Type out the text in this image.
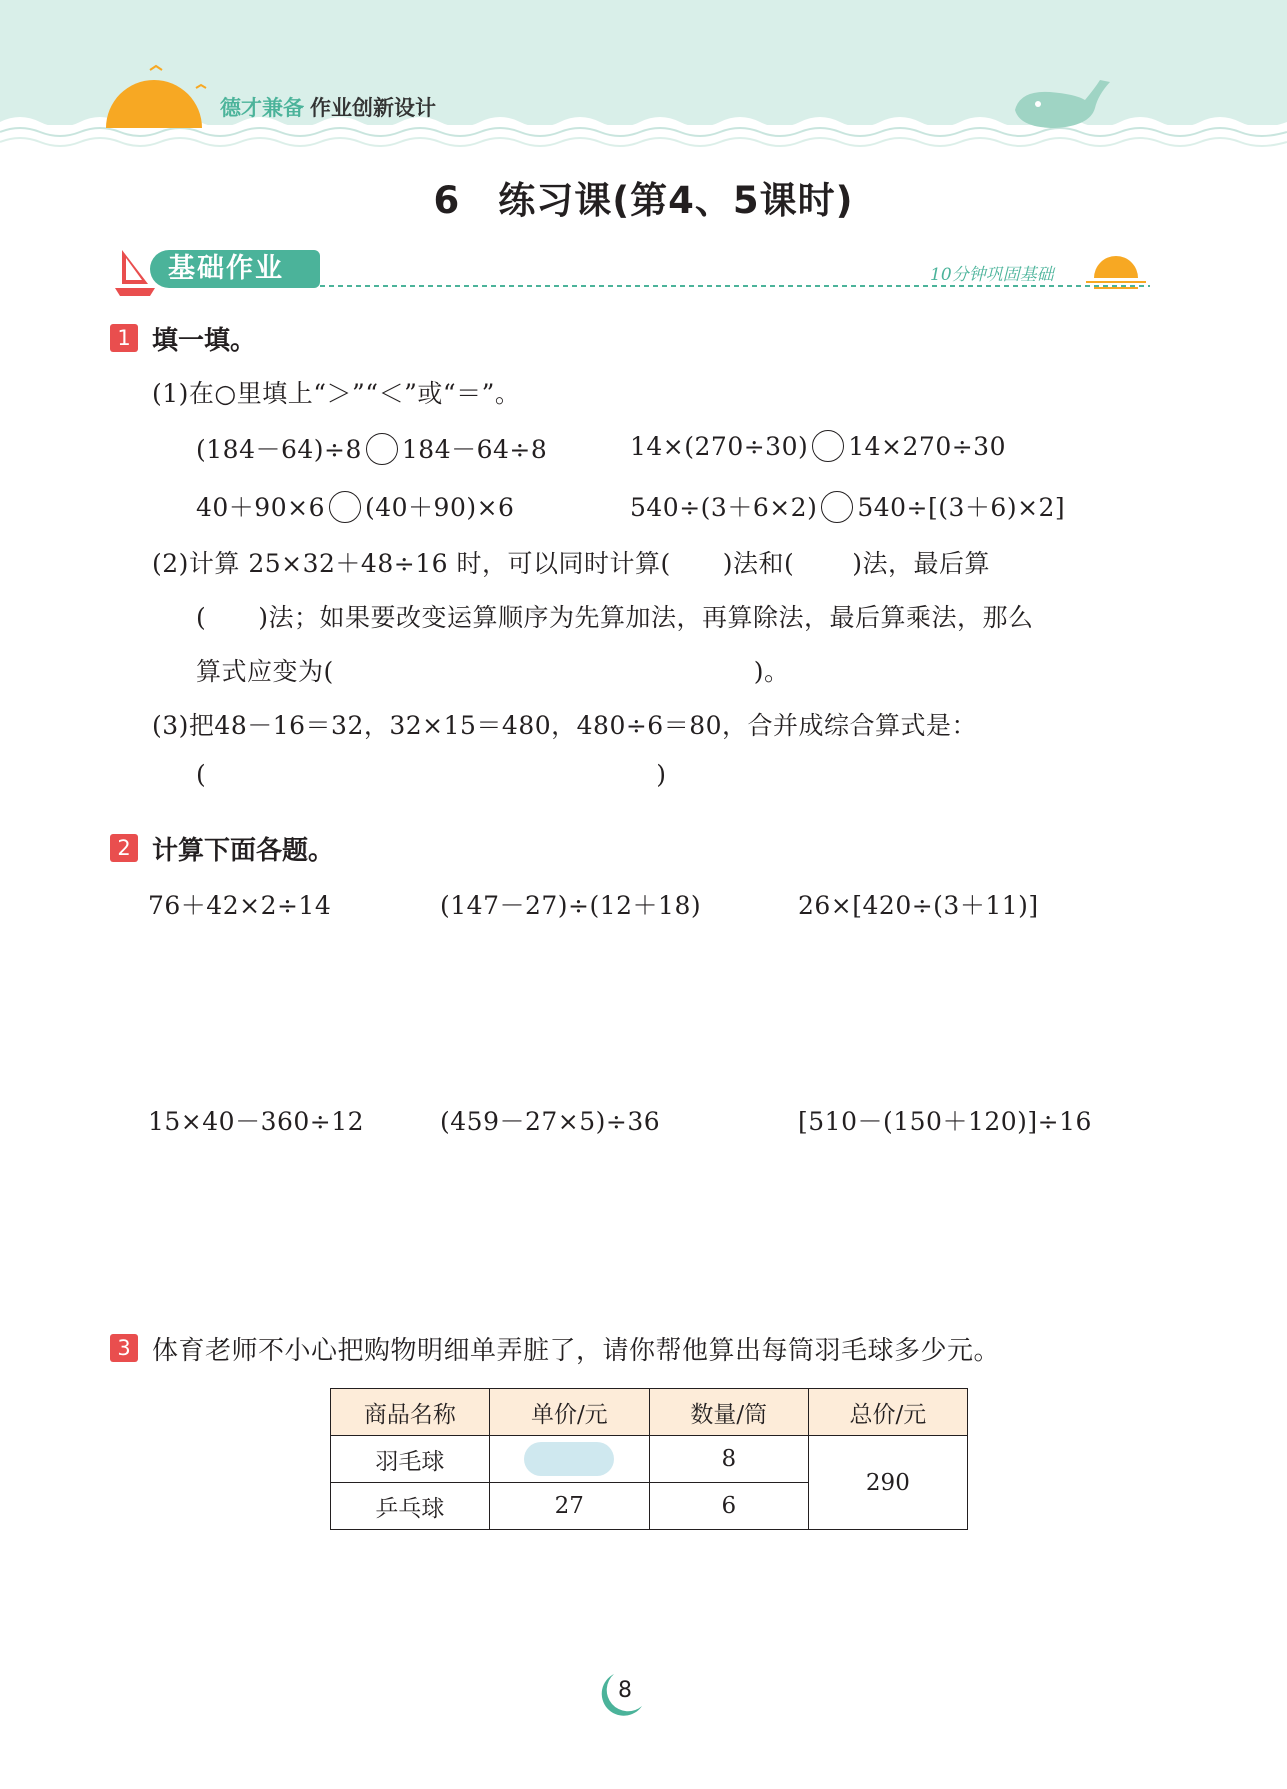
德才兼备 作业创新设计
6　练习课(第4、5课时)
基础作业	10分钟巩固基础
1 填一填。
(1)在○里填上“＞”“＜”或“＝”。
(184－64)÷8 184－64÷8	14×(270÷30) 14×270÷30
40＋90×6 (40＋90)×6	540÷(3＋6×2) 540÷[(3＋6)×2]
(2)计算 25×32＋48÷16 时，可以同时计算( )法和( )法，最后算
( )法；如果要改变运算顺序为先算加法，再算除法，最后算乘法，那么
算式应变为(	)。
(3)把48－16＝32，32×15＝480，480÷6＝80，合并成综合算式是：
(	)
2 计算下面各题。
76＋42×2÷14	(147－27)÷(12＋18)	26×[420÷(3＋11)]
15×40－360÷12	(459－27×5)÷36	[510－(150＋120)]÷16
3 体育老师不小心把购物明细单弄脏了，请你帮他算出每筒羽毛球多少元。
商品名称	单价/元	数量/筒	总价/元
羽毛球		8	290
乒乓球	27	6	
8
